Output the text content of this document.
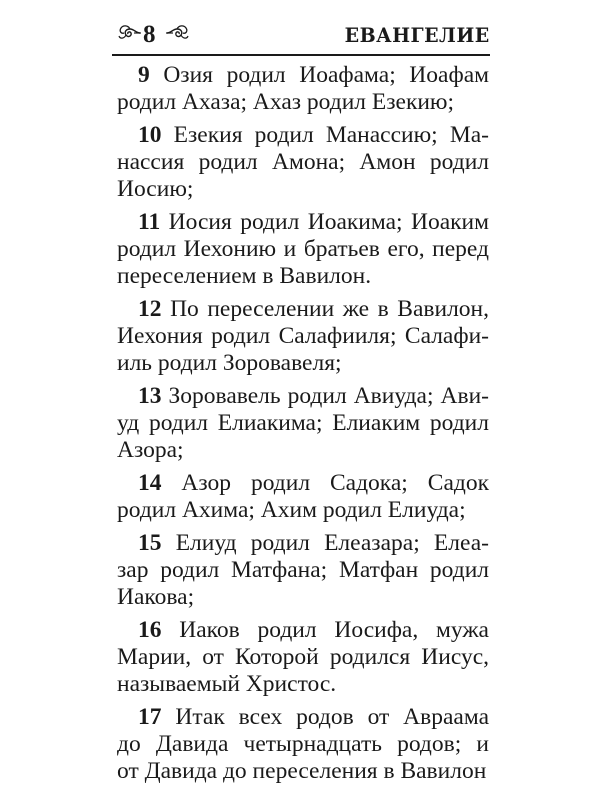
8	ЕВАНГЕЛИЕ
9 Озия родил Иоафама; Иоафам
родил Ахаза; Ахаз родил Езекию;
10 Езекия родил Манассию; Ма-
нассия родил Амона; Амон родил
Иосию;
11 Иосия родил Иоакима; Иоаким
родил Иехонию и братьев его, перед
переселением в Вавилон.
12 По переселении же в Вавилон,
Иехония родил Салафииля; Салафи-
иль родил Зоровавеля;
13 Зоровавель родил Авиуда; Ави-
уд родил Елиакима; Елиаким родил
Азора;
14 Азор родил Садока; Садок
родил Ахима; Ахим родил Елиуда;
15 Елиуд родил Елеазара; Елеа-
зар родил Матфана; Матфан родил
Иакова;
16 Иаков родил Иосифа, мужа
Марии, от Которой родился Иисус,
называемый Христос.
17 Итак всех родов от Авраама
до Давида четырнадцать родов; и
от Давида до переселения в Вавилон
